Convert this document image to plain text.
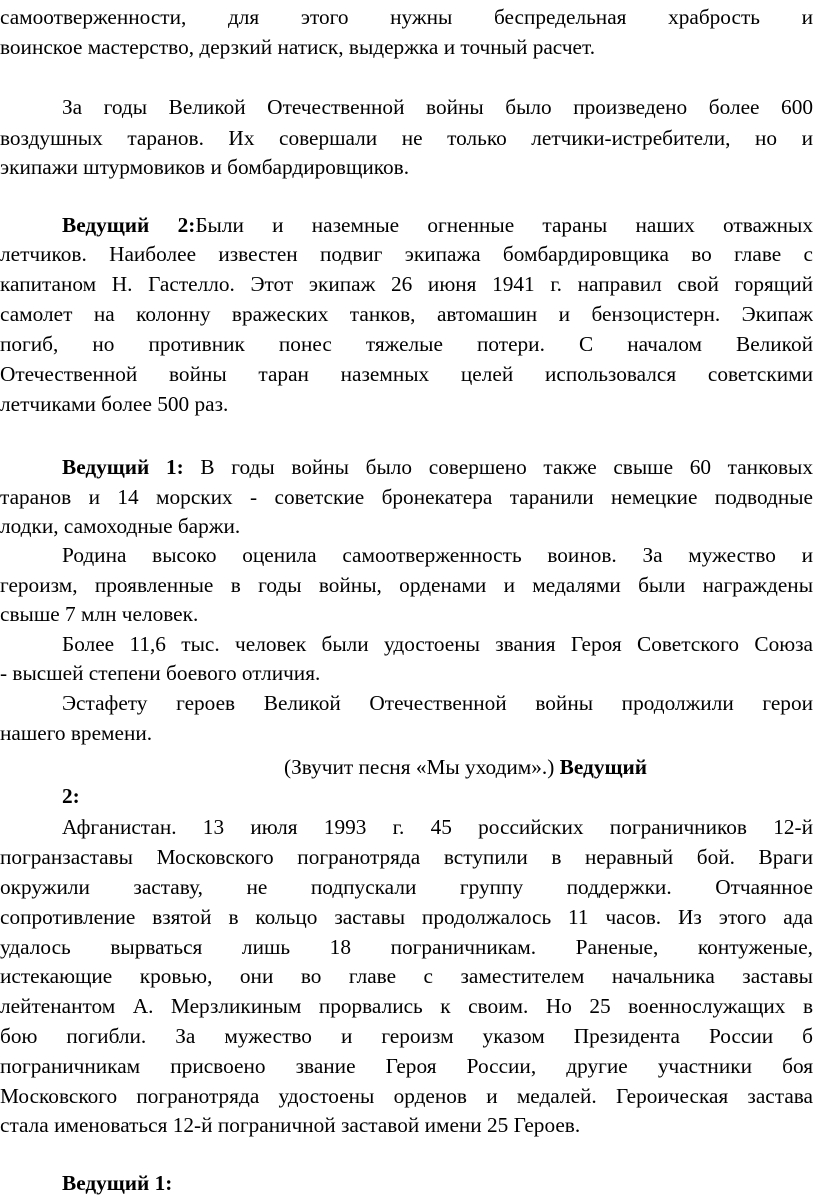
самоотверженности, для этого нужны беспредельная храбрость и
воинское мастерство, дерзкий натиск, выдержка и точный расчет.
За годы Великой Отечественной войны было произведено более 600
воздушных таранов. Их совершали не только летчики-истребители, но и
экипажи штурмовиков и бомбардировщиков.
Ведущий 2:Были и наземные огненные тараны наших отважных
летчиков. Наиболее известен подвиг экипажа бомбардировщика во главе с
капитаном Н. Гастелло. Этот экипаж 26 июня 1941 г. направил свой горящий
самолет на колонну вражеских танков, автомашин и бензоцистерн. Экипаж
погиб, но противник понес тяжелые потери. С началом Великой
Отечественной войны таран наземных целей использовался советскими
летчиками более 500 раз.
Ведущий 1: В годы войны было совершено также свыше 60 танковых
таранов и 14 морских - советские бронекатера таранили немецкие подводные
лодки, самоходные баржи.
Родина высоко оценила самоотверженность воинов. За мужество и
героизм, проявленные в годы войны, орденами и медалями были награждены
свыше 7 млн человек.
Более 11,6 тыс. человек были удостоены звания Героя Советского Союза
- высшей степени боевого отличия.
Эстафету героев Великой Отечественной войны продолжили герои
нашего времени.
(Звучит песня «Мы уходим».) Ведущий
2:
Афганистан. 13 июля 1993 г. 45 российских пограничников 12-й
погранзаставы Московского погранотряда вступили в неравный бой. Враги
окружили заставу, не подпускали группу поддержки. Отчаянное
сопротивление взятой в кольцо заставы продолжалось 11 часов. Из этого ада
удалось вырваться лишь 18 пограничникам. Раненые, контуженые,
истекающие кровью, они во главе с заместителем начальника заставы
лейтенантом А. Мерзликиным прорвались к своим. Но 25 военнослужащих в
бою погибли. За мужество и героизм указом Президента России б
пограничникам присвоено звание Героя России, другие участники боя
Московского погранотряда удостоены орденов и медалей. Героическая застава
стала именоваться 12-й пограничной заставой имени 25 Героев.
Ведущий 1:
